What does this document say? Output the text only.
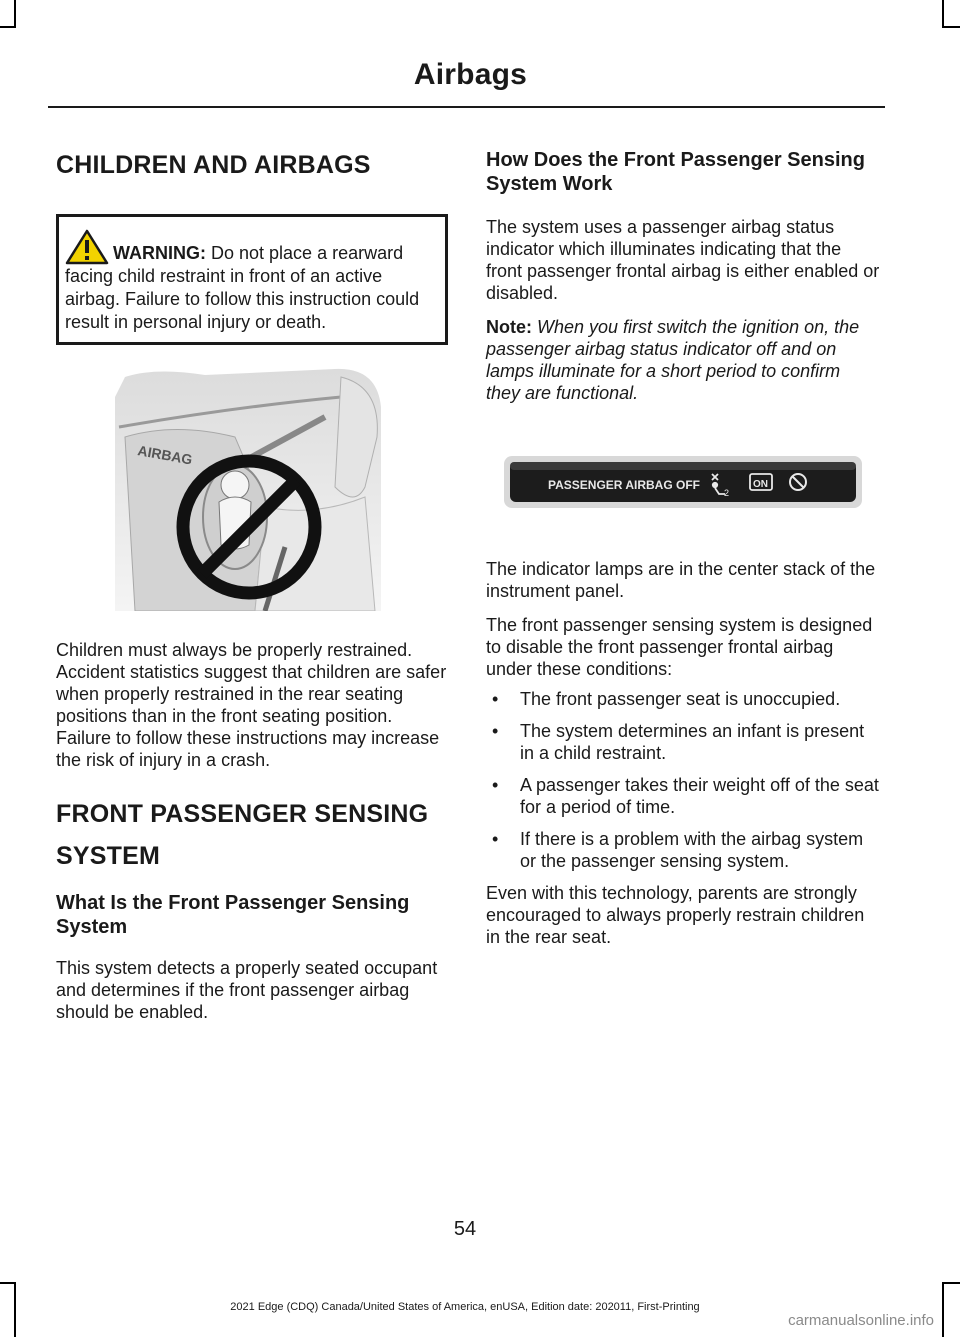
Airbags
CHILDREN AND AIRBAGS

WARNING: Do not place a rearward facing child restraint in front of an active airbag. Failure to follow this instruction could result in personal injury or death.

AIRBAG

Children must always be properly restrained. Accident statistics suggest that children are safer when properly restrained in the rear seating positions than in the front seating position. Failure to follow these instructions may increase the risk of injury in a crash.

FRONT PASSENGER SENSING
SYSTEM
What Is the Front Passenger Sensing System

This system detects a properly seated occupant and determines if the front passenger airbag should be enabled.

How Does the Front Passenger Sensing System Work

The system uses a passenger airbag status indicator which illuminates indicating that the front passenger frontal airbag is either enabled or disabled.

Note: When you first switch the ignition on, the passenger airbag status indicator off and on lamps illuminate for a short period to confirm they are functional.

PASSENGER AIRBAG OFF
2
ON

The indicator lamps are in the center stack of the instrument panel.

The front passenger sensing system is designed to disable the front passenger frontal airbag under these conditions:

• The front passenger seat is unoccupied.
• The system determines an infant is present in a child restraint.
• A passenger takes their weight off of the seat for a period of time.
• If there is a problem with the airbag system or the passenger sensing system.

Even with this technology, parents are strongly encouraged to always properly restrain children in the rear seat.

54
2021 Edge (CDQ) Canada/United States of America, enUSA, Edition date: 202011, First-Printing
carmanualsonline.info
